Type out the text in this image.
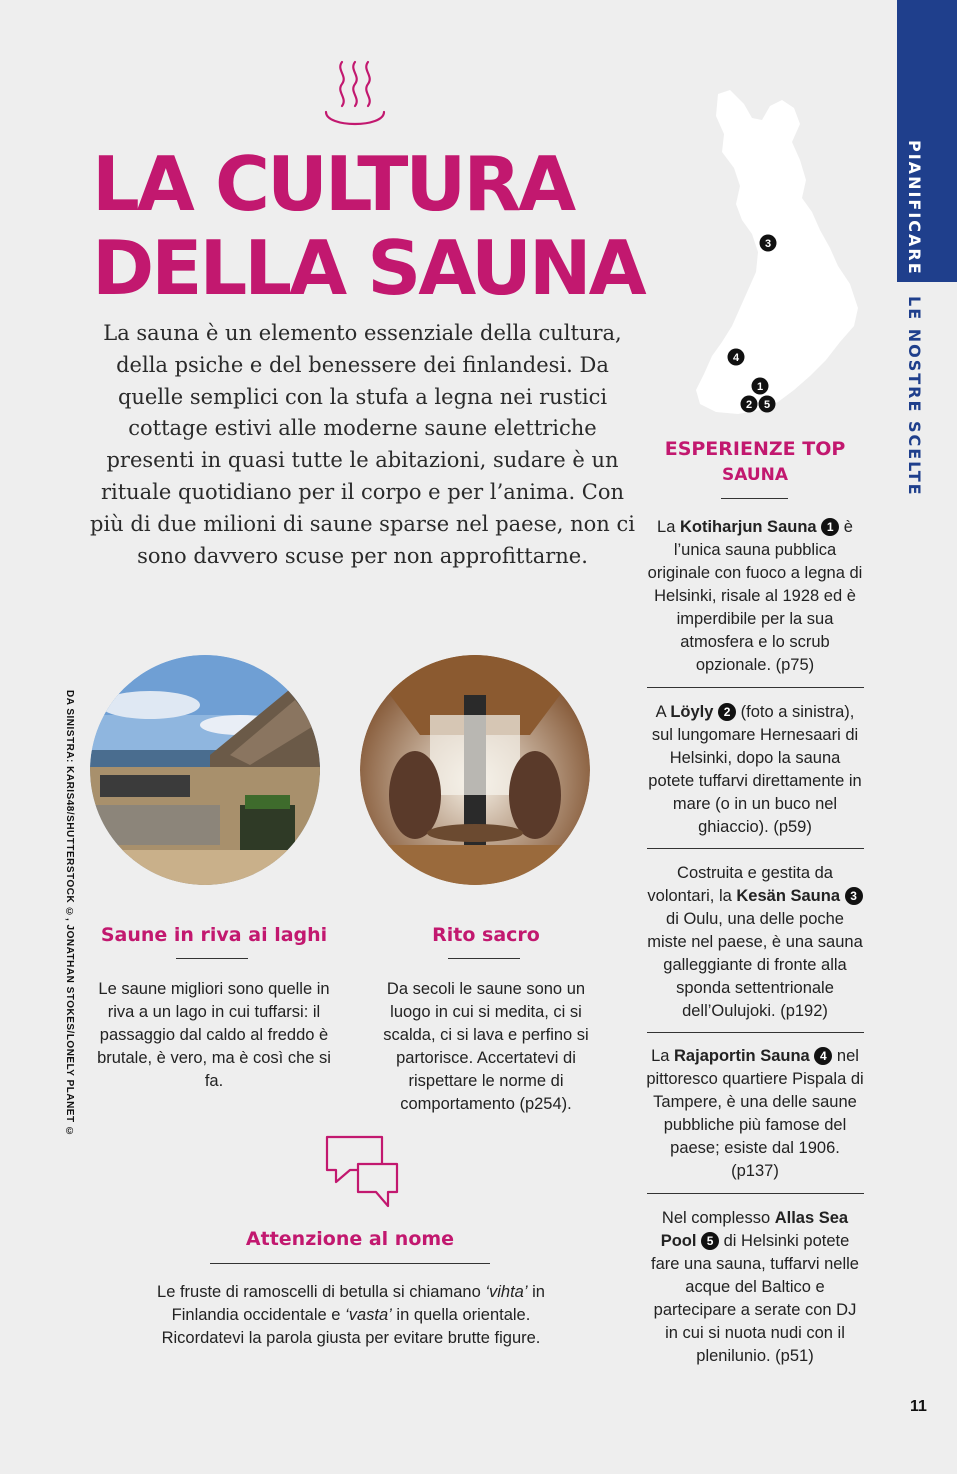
LA CULTURA
DELLA SAUNA
La sauna è un elemento essenziale della cultura, della psiche e del benessere dei finlandesi. Da quelle semplici con la stufa a legna nei rustici cottage estivi alle moderne saune elettriche presenti in quasi tutte le abitazioni, sudare è un rituale quotidiano per il corpo e per l’anima. Con più di due milioni di saune sparse nel paese, non ci sono davvero scuse per non approfittarne.
PIANIFICARE
LE NOSTRE SCELTE
3
4
1
2 5
ESPERIENZE TOP
SAUNA
La Kotiharjun Sauna 1 è l’unica sauna pubblica originale con fuoco a legna di Helsinki, risale al 1928 ed è imperdibile per la sua atmosfera e lo scrub opzionale. (p75)
A Löyly 2 (foto a sinistra), sul lungomare Hernesaari di Helsinki, dopo la sauna potete tuffarvi direttamente in mare (o in un buco nel ghiaccio). (p59)
Costruita e gestita da volontari, la Kesän Sauna 3 di Oulu, una delle poche miste nel paese, è una sauna galleggiante di fronte alla sponda settentrionale dell’Oulujoki. (p192)
La Rajaportin Sauna 4 nel pittoresco quartiere Pispala di Tampere, è una delle saune pubbliche più famose del paese; esiste dal 1906. (p137)
Nel complesso Allas Sea Pool 5 di Helsinki potete fare una sauna, tuffarvi nelle acque del Baltico e partecipare a serate con DJ in cui si nuota nudi con il plenilunio. (p51)
DA SINISTRA: KARIS48/SHUTTERSTOCK ©, JONATHAN STOKES/LONELY PLANET © Saune in riva ai laghi
Le saune migliori sono quelle in riva a un lago in cui tuffarsi: il passaggio dal caldo al freddo è brutale, è vero, ma è così che si fa.
Rito sacro
Da secoli le saune sono un luogo in cui si medita, ci si scalda, ci si lava e perfino si partorisce. Accertatevi di rispettare le norme di comportamento (p254).
Attenzione al nome
Le fruste di ramoscelli di betulla si chiamano ‘vihta’ in Finlandia occidentale e ‘vasta’ in quella orientale. Ricordatevi la parola giusta per evitare brutte figure.
11
